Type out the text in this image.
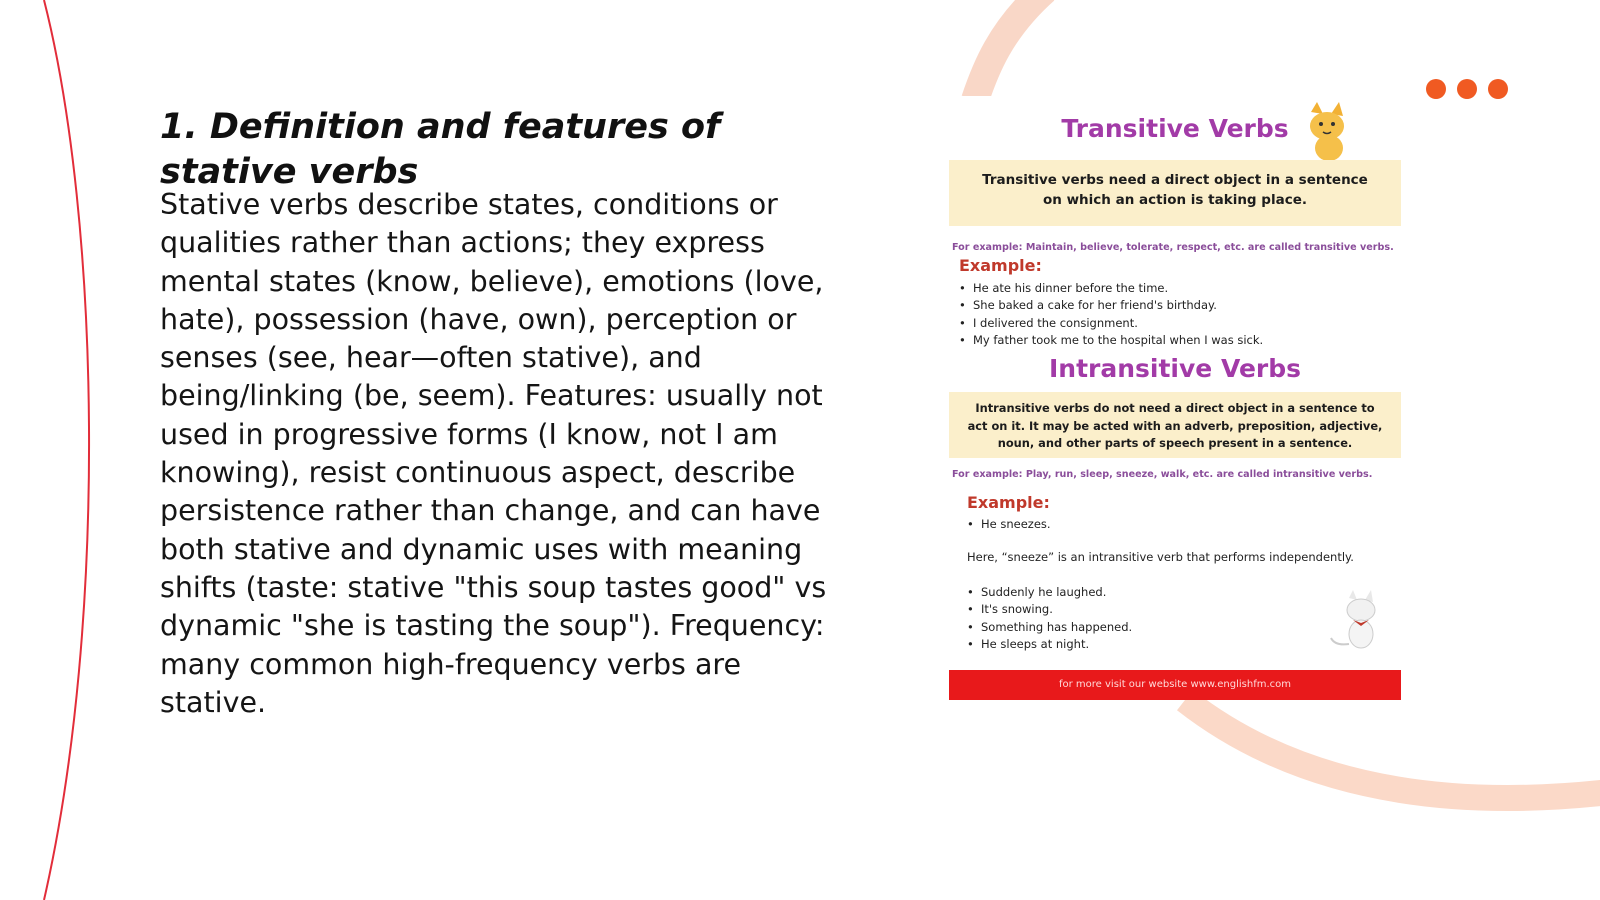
1. Definition and features of stative verbs

Stative verbs describe states, conditions or qualities rather than actions; they express mental states (know, believe), emotions (love, hate), possession (have, own), perception or senses (see, hear—often stative), and being/linking (be, seem). Features: usually not used in progressive forms (I know, not I am knowing), resist continuous aspect, describe persistence rather than change, and can have both stative and dynamic uses with meaning shifts (taste: stative "this soup tastes good" vs dynamic "she is tasting the soup"). Frequency: many common high-frequency verbs are stative.

Transitive Verbs
Transitive verbs need a direct object in a sentence on which an action is taking place.
For example: Maintain, believe, tolerate, respect, etc. are called transitive verbs.
Example:
• He ate his dinner before the time.
• She baked a cake for her friend's birthday.
• I delivered the consignment.
• My father took me to the hospital when I was sick.
Intransitive Verbs
Intransitive verbs do not need a direct object in a sentence to act on it. It may be acted with an adverb, preposition, adjective, noun, and other parts of speech present in a sentence.
For example: Play, run, sleep, sneeze, walk, etc. are called intransitive verbs.
Example:
• He sneezes.
Here, “sneeze” is an intransitive verb that performs independently.
• Suddenly he laughed.
• It's snowing.
• Something has happened.
• He sleeps at night.
for more visit our website www.englishfm.com
